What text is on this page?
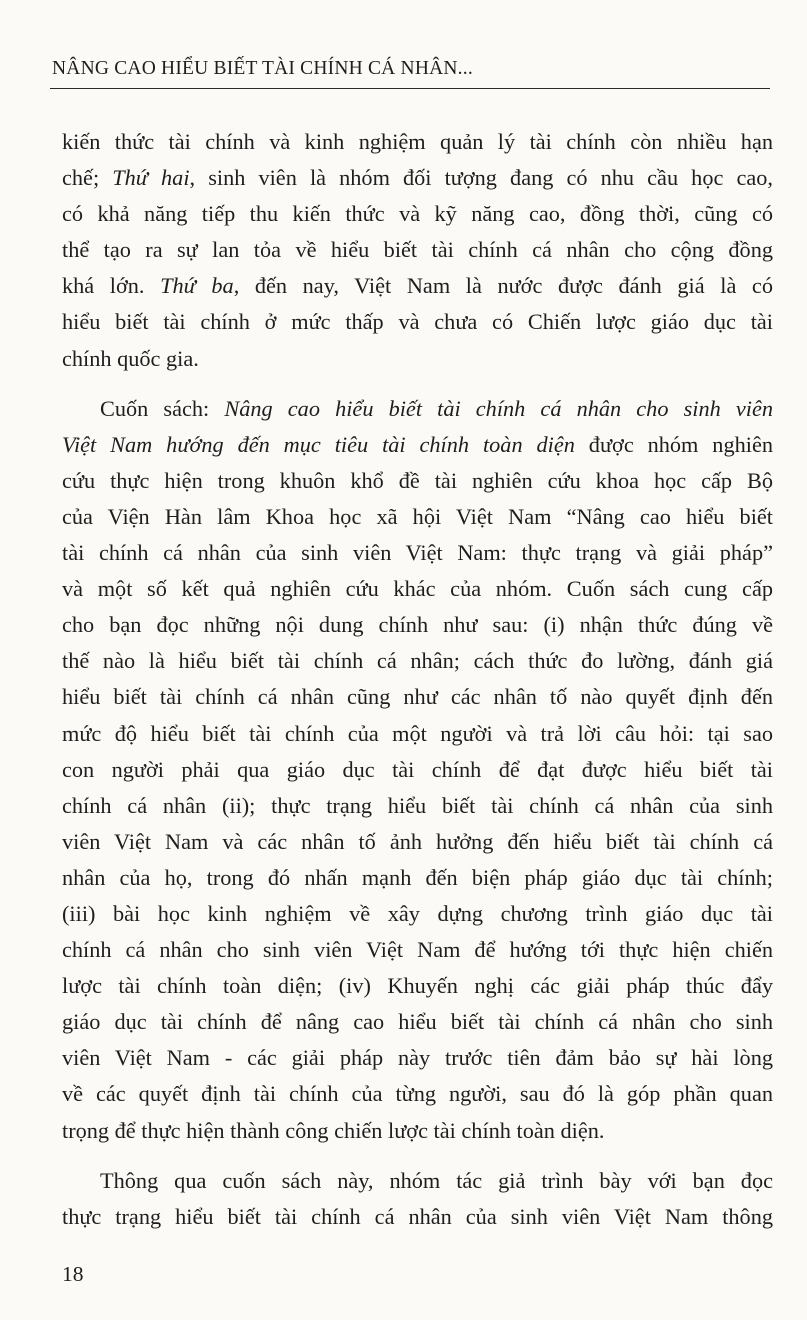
NÂNG CAO HIỂU BIẾT TÀI CHÍNH CÁ NHÂN...
kiến thức tài chính và kinh nghiệm quản lý tài chính còn nhiều hạn
chế; Thứ hai, sinh viên là nhóm đối tượng đang có nhu cầu học cao,
có khả năng tiếp thu kiến thức và kỹ năng cao, đồng thời, cũng có
thể tạo ra sự lan tỏa về hiểu biết tài chính cá nhân cho cộng đồng
khá lớn. Thứ ba, đến nay, Việt Nam là nước được đánh giá là có
hiểu biết tài chính ở mức thấp và chưa có Chiến lược giáo dục tài
chính quốc gia.
Cuốn sách: Nâng cao hiểu biết tài chính cá nhân cho sinh viên
Việt Nam hướng đến mục tiêu tài chính toàn diện được nhóm nghiên
cứu thực hiện trong khuôn khổ đề tài nghiên cứu khoa học cấp Bộ
của Viện Hàn lâm Khoa học xã hội Việt Nam “Nâng cao hiểu biết
tài chính cá nhân của sinh viên Việt Nam: thực trạng và giải pháp”
và một số kết quả nghiên cứu khác của nhóm. Cuốn sách cung cấp
cho bạn đọc những nội dung chính như sau: (i) nhận thức đúng về
thế nào là hiểu biết tài chính cá nhân; cách thức đo lường, đánh giá
hiểu biết tài chính cá nhân cũng như các nhân tố nào quyết định đến
mức độ hiểu biết tài chính của một người và trả lời câu hỏi: tại sao
con người phải qua giáo dục tài chính để đạt được hiểu biết tài
chính cá nhân (ii); thực trạng hiểu biết tài chính cá nhân của sinh
viên Việt Nam và các nhân tố ảnh hưởng đến hiểu biết tài chính cá
nhân của họ, trong đó nhấn mạnh đến biện pháp giáo dục tài chính;
(iii) bài học kinh nghiệm về xây dựng chương trình giáo dục tài
chính cá nhân cho sinh viên Việt Nam để hướng tới thực hiện chiến
lược tài chính toàn diện; (iv) Khuyến nghị các giải pháp thúc đẩy
giáo dục tài chính để nâng cao hiểu biết tài chính cá nhân cho sinh
viên Việt Nam - các giải pháp này trước tiên đảm bảo sự hài lòng
về các quyết định tài chính của từng người, sau đó là góp phần quan
trọng để thực hiện thành công chiến lược tài chính toàn diện.
Thông qua cuốn sách này, nhóm tác giả trình bày với bạn đọc
thực trạng hiểu biết tài chính cá nhân của sinh viên Việt Nam thông
18
